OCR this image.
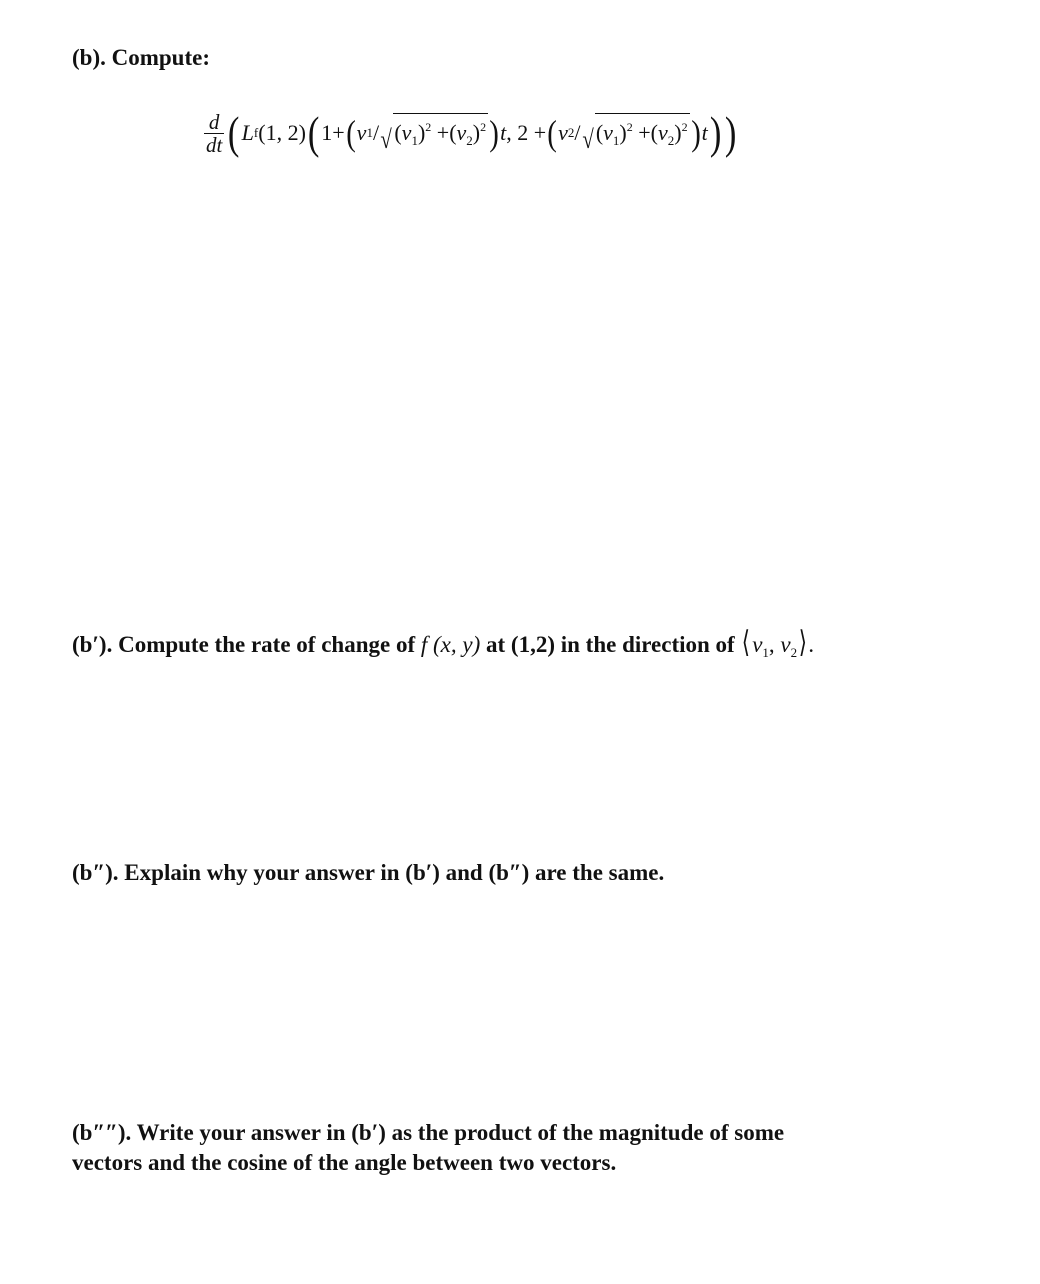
(b). Compute:
$\frac{d}{dt}$ ( L f (1, 2) ( 1+ ( v 1 / √ $(v_1)^2 +(v_2)^2$ ) t , 2 + ( v 2 / √ $(v_1)^2 +(v_2)^2$ ) t ) )
(b′). Compute the rate of change of f (x, y) at (1,2) in the direction of $⟨v_1$, $v_2⟩$.
(b″). Explain why your answer in (b′) and (b″) are the same.
(b″″). Write your answer in (b′) as the product of the magnitude of some
vectors and the cosine of the angle between two vectors.
